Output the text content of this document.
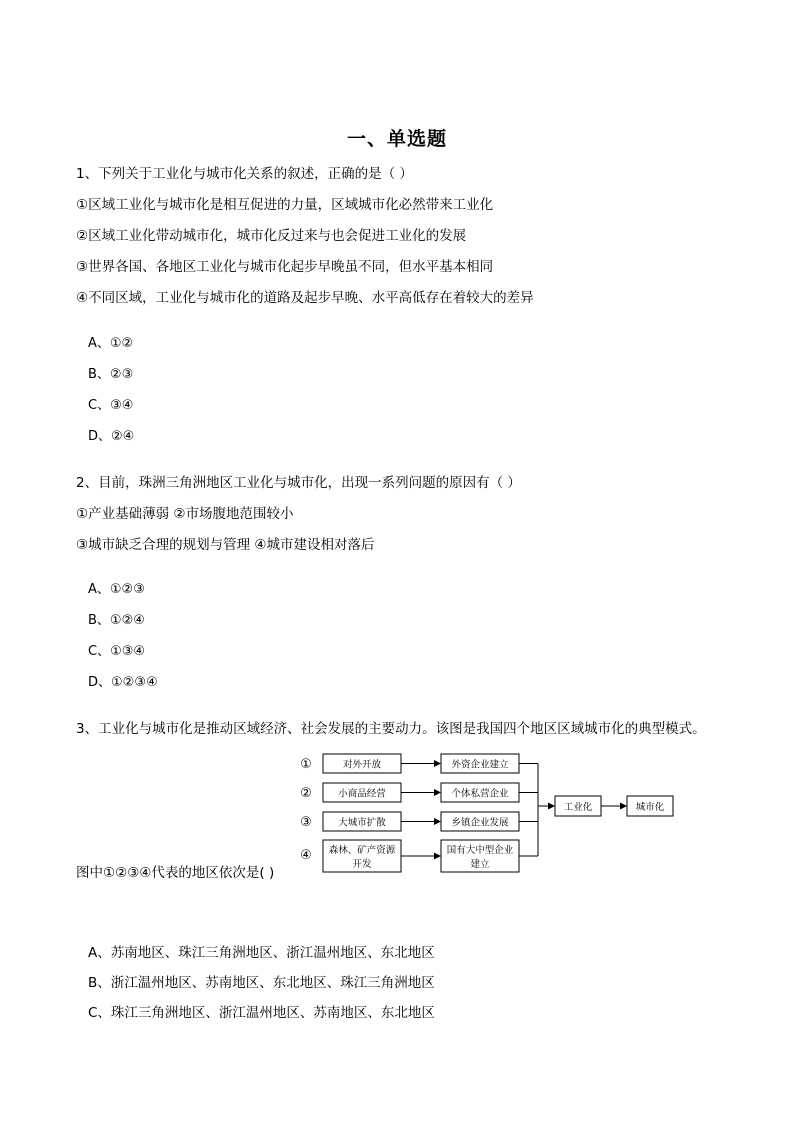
一、单选题
1、下列关于工业化与城市化关系的叙述，正确的是（ ）
①区域工业化与城市化是相互促进的力量，区域城市化必然带来工业化
②区域工业化带动城市化，城市化反过来与也会促进工业化的发展
③世界各国、各地区工业化与城市化起步早晚虽不同，但水平基本相同
④不同区域，工业化与城市化的道路及起步早晚、水平高低存在着较大的差异
A、①②
B、②③
C、③④
D、②④
2、目前，珠洲三角洲地区工业化与城市化，出现一系列问题的原因有（ ）
①产业基础薄弱 ②市场腹地范围较小
③城市缺乏合理的规划与管理 ④城市建设相对落后
A、①②③
B、①②④
C、①③④
D、①②③④
3、工业化与城市化是推动区域经济、社会发展的主要动力。该图是我国四个地区区域城市化的典型模式。
①
②
③
④
对外开放
小商品经营
大城市扩散
森林、矿产资源
开发
外资企业建立
个体私营企业
乡镇企业发展
国有大中型企业
建立
工业化	城市化
图中①②③④代表的地区依次是( )
A、苏南地区、珠江三角洲地区、浙江温州地区、东北地区
B、浙江温州地区、苏南地区、东北地区、珠江三角洲地区
C、珠江三角洲地区、浙江温州地区、苏南地区、东北地区
